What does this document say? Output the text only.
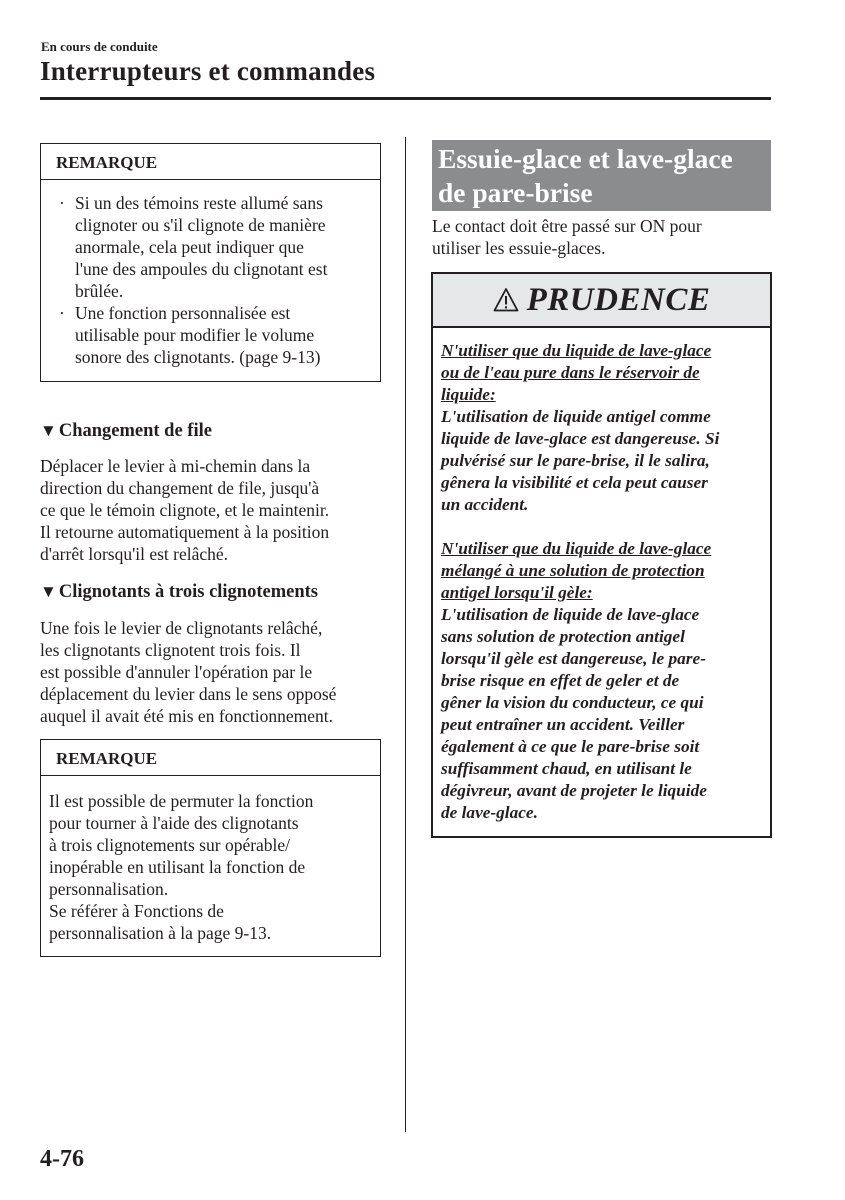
En cours de conduite
Interrupteurs et commandes
REMARQUE
· Si un des témoins reste allumé sans
clignoter ou s'il clignote de manière
anormale, cela peut indiquer que
l'une des ampoules du clignotant est
brûlée.
· Une fonction personnalisée est
utilisable pour modifier le volume
sonore des clignotants. (page 9-13)
▼ Changement de file
Déplacer le levier à mi-chemin dans la
direction du changement de file, jusqu'à
ce que le témoin clignote, et le maintenir.
Il retourne automatiquement à la position
d'arrêt lorsqu'il est relâché.
▼ Clignotants à trois clignotements
Une fois le levier de clignotants relâché,
les clignotants clignotent trois fois. Il
est possible d'annuler l'opération par le
déplacement du levier dans le sens opposé
auquel il avait été mis en fonctionnement.
REMARQUE
Il est possible de permuter la fonction
pour tourner à l'aide des clignotants
à trois clignotements sur opérable/
inopérable en utilisant la fonction de
personnalisation.
Se référer à Fonctions de
personnalisation à la page 9-13.
Essuie-glace et lave-glace
de pare-brise
Le contact doit être passé sur ON pour
utiliser les essuie-glaces.
PRUDENCE

N'utiliser que du liquide de lave-glace
ou de l'eau pure dans le réservoir de
liquide:

L'utilisation de liquide antigel comme
liquide de lave-glace est dangereuse. Si
pulvérisé sur le pare-brise, il le salira,
gênera la visibilité et cela peut causer
un accident.

N'utiliser que du liquide de lave-glace
mélangé à une solution de protection
antigel lorsqu'il gèle:

L'utilisation de liquide de lave-glace
sans solution de protection antigel
lorsqu'il gèle est dangereuse, le pare-
brise risque en effet de geler et de
gêner la vision du conducteur, ce qui
peut entraîner un accident. Veiller
également à ce que le pare-brise soit
suffisamment chaud, en utilisant le
dégivreur, avant de projeter le liquide
de lave-glace.

4-76
